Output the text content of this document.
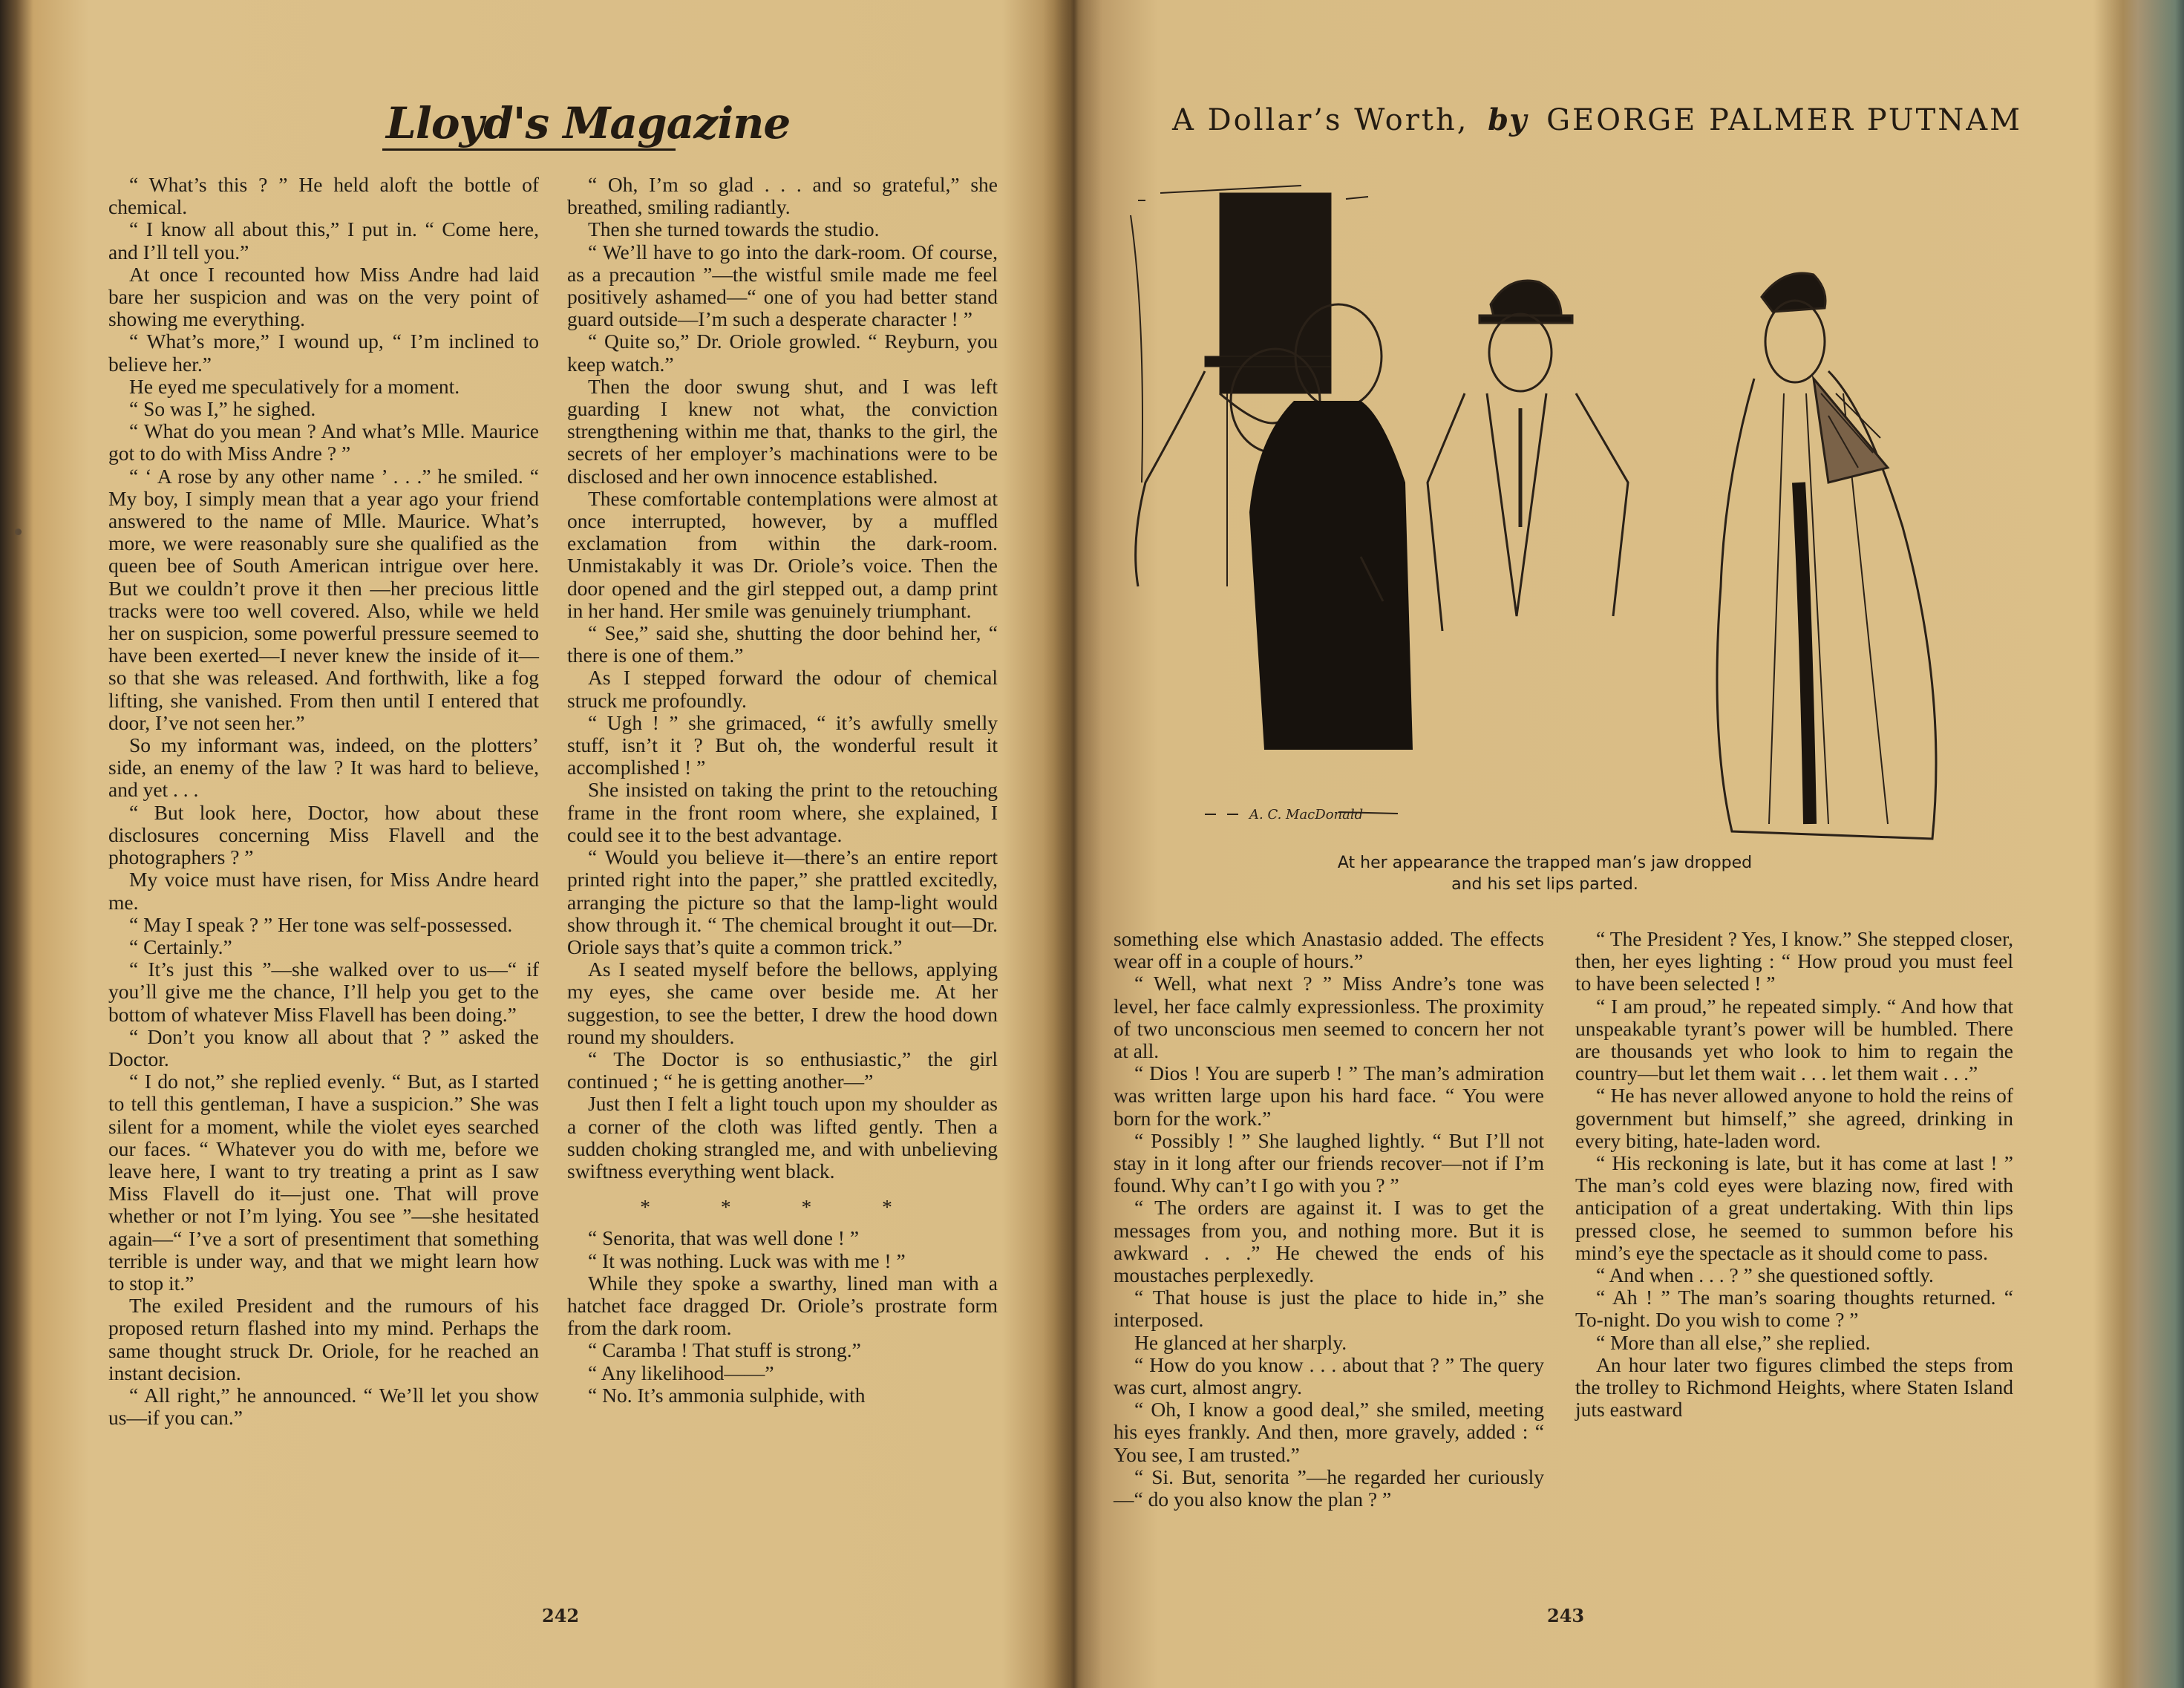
Lloyd's Magazine

“ What’s this ? ” He held aloft the bottle of chemical.

“ I know all about this,” I put in. “ Come here, and I’ll tell you.”

At once I recounted how Miss Andre had laid bare her suspicion and was on the very point of showing me everything.

“ What’s more,” I wound up, “ I’m inclined to believe her.”

He eyed me speculatively for a moment.

“ So was I,” he sighed.

“ What do you mean ? And what’s Mlle. Maurice got to do with Miss Andre ? ”

“ ‘ A rose by any other name ’ . . .” he smiled. “ My boy, I simply mean that a year ago your friend answered to the name of Mlle. Maurice. What’s more, we were reasonably sure she qualified as the queen bee of South American intrigue over here. But we couldn’t prove it then —her precious little tracks were too well covered. Also, while we held her on suspicion, some powerful pressure seemed to have been exerted—I never knew the inside of it—so that she was released. And forthwith, like a fog lifting, she vanished. From then until I entered that door, I’ve not seen her.”

So my informant was, indeed, on the plotters’ side, an enemy of the law ? It was hard to believe, and yet . . .

“ But look here, Doctor, how about these disclosures concerning Miss Flavell and the photographers ? ”

My voice must have risen, for Miss Andre heard me.

“ May I speak ? ” Her tone was self-possessed.

“ Certainly.”

“ It’s just this ”—she walked over to us—“ if you’ll give me the chance, I’ll help you get to the bottom of whatever Miss Flavell has been doing.”

“ Don’t you know all about that ? ” asked the Doctor.

“ I do not,” she replied evenly. “ But, as I started to tell this gentleman, I have a suspicion.” She was silent for a moment, while the violet eyes searched our faces. “ Whatever you do with me, before we leave here, I want to try treating a print as I saw Miss Flavell do it—just one. That will prove whether or not I’m lying. You see ”—she hesitated again—“ I’ve a sort of presentiment that something terrible is under way, and that we might learn how to stop it.”

The exiled President and the rumours of his proposed return flashed into my mind. Perhaps the same thought struck Dr. Oriole, for he reached an instant decision.

“ All right,” he announced. “ We’ll let you show us—if you can.”

“ Oh, I’m so glad . . . and so grateful,” she breathed, smiling radiantly.

Then she turned towards the studio.

“ We’ll have to go into the dark-room. Of course, as a precaution ”—the wistful smile made me feel positively ashamed—“ one of you had better stand guard outside—I’m such a desperate character ! ”

“ Quite so,” Dr. Oriole growled. “ Reyburn, you keep watch.”

Then the door swung shut, and I was left guarding I knew not what, the conviction strengthening within me that, thanks to the girl, the secrets of her employer’s machinations were to be disclosed and her own innocence established.

These comfortable contemplations were almost at once interrupted, however, by a muffled exclamation from within the dark-room. Unmistakably it was Dr. Oriole’s voice. Then the door opened and the girl stepped out, a damp print in her hand. Her smile was genuinely triumphant.

“ See,” said she, shutting the door behind her, “ there is one of them.”

As I stepped forward the odour of chemical struck me profoundly.

“ Ugh ! ” she grimaced, “ it’s awfully smelly stuff, isn’t it ? But oh, the wonderful result it accomplished ! ”

She insisted on taking the print to the retouching frame in the front room where, she explained, I could see it to the best advantage.

“ Would you believe it—there’s an entire report printed right into the paper,” she prattled excitedly, arranging the picture so that the lamp-light would show through it. “ The chemical brought it out—Dr. Oriole says that’s quite a common trick.”

As I seated myself before the bellows, applying my eyes, she came over beside me. At her suggestion, to see the better, I drew the hood down round my shoulders.

“ The Doctor is so enthusiastic,” the girl continued ; “ he is getting another—”

Just then I felt a light touch upon my shoulder as a corner of the cloth was lifted gently. Then a sudden choking strangled me, and with unbelieving swiftness everything went black.

* * * *

“ Senorita, that was well done ! ”

“ It was nothing. Luck was with me ! ”

While they spoke a swarthy, lined man with a hatchet face dragged Dr. Oriole’s prostrate form from the dark room.

“ Caramba ! That stuff is strong.”

“ Any likelihood——”

“ No. It’s ammonia sulphide, with

242
A Dollar’s Worth, by GEORGE PALMER PUTNAM
A. C. MacDonald
At her appearance the trapped man’s jaw dropped
and his set lips parted.

something else which Anastasio added. The effects wear off in a couple of hours.”

“ Well, what next ? ” Miss Andre’s tone was level, her face calmly expressionless. The proximity of two unconscious men seemed to concern her not at all.

“ Dios ! You are superb ! ” The man’s admiration was written large upon his hard face. “ You were born for the work.”

“ Possibly ! ” She laughed lightly. “ But I’ll not stay in it long after our friends recover—not if I’m found. Why can’t I go with you ? ”

“ The orders are against it. I was to get the messages from you, and nothing more. But it is awkward . . .” He chewed the ends of his moustaches perplexedly.

“ That house is just the place to hide in,” she interposed.

He glanced at her sharply.

“ How do you know . . . about that ? ” The query was curt, almost angry.

“ Oh, I know a good deal,” she smiled, meeting his eyes frankly. And then, more gravely, added : “ You see, I am trusted.”

“ Si. But, senorita ”—he regarded her curiously—“ do you also know the plan ? ”

“ The President ? Yes, I know.” She stepped closer, then, her eyes lighting : “ How proud you must feel to have been selected ! ”

“ I am proud,” he repeated simply. “ And how that unspeakable tyrant’s power will be humbled. There are thousands yet who look to him to regain the country—but let them wait . . . let them wait . . .”

“ He has never allowed anyone to hold the reins of government but himself,” she agreed, drinking in every biting, hate-laden word.

“ His reckoning is late, but it has come at last ! ” The man’s cold eyes were blazing now, fired with anticipation of a great undertaking. With thin lips pressed close, he seemed to summon before his mind’s eye the spectacle as it should come to pass.

“ And when . . . ? ” she questioned softly.

“ Ah ! ” The man’s soaring thoughts returned. “ To-night. Do you wish to come ? ”

“ More than all else,” she replied.

An hour later two figures climbed the steps from the trolley to Richmond Heights, where Staten Island juts eastward

243
